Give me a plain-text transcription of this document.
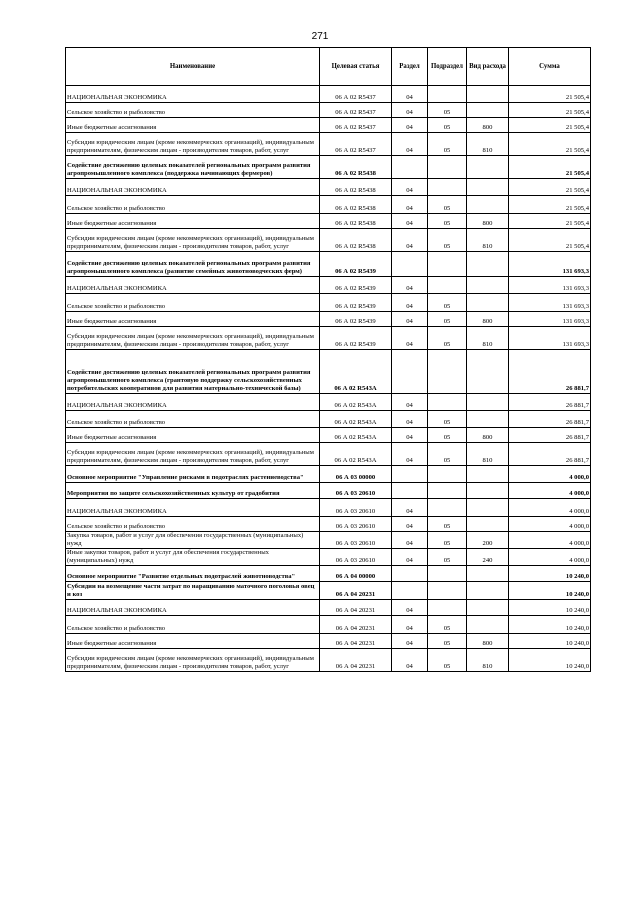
271
Наименование	Целевая статья	Раздел	Подраздел	Вид расхода	Сумма
НАЦИОНАЛЬНАЯ ЭКОНОМИКА	06 А 02 R5437	04			21 505,4
Сельское хозяйство и рыболовство	06 А 02 R5437	04	05		21 505,4
Иные бюджетные ассигнования	06 А 02 R5437	04	05	800	21 505,4
Субсидии юридическим лицам (кроме некоммерческих организаций), индивидуальным предпринимателям, физическим лицам - производителям товаров, работ, услуг	06 А 02 R5437	04	05	810	21 505,4
Содействие достижению целевых показателей региональных программ развития агропромышленного комплекса (поддержка начинающих фермеров)	06 А 02 R5438				21 505,4
НАЦИОНАЛЬНАЯ ЭКОНОМИКА	06 А 02 R5438	04			21 505,4
Сельское хозяйство и рыболовство	06 А 02 R5438	04	05		21 505,4
Иные бюджетные ассигнования	06 А 02 R5438	04	05	800	21 505,4
Субсидии юридическим лицам (кроме некоммерческих организаций), индивидуальным предпринимателям, физическим лицам - производителям товаров, работ, услуг	06 А 02 R5438	04	05	810	21 505,4
Содействие достижению целевых показателей региональных программ развития агропромышленного комплекса (развитие семейных животноводческих ферм)	06 А 02 R5439				131 693,3
НАЦИОНАЛЬНАЯ ЭКОНОМИКА	06 А 02 R5439	04			131 693,3
Сельское хозяйство и рыболовство	06 А 02 R5439	04	05		131 693,3
Иные бюджетные ассигнования	06 А 02 R5439	04	05	800	131 693,3
Субсидии юридическим лицам (кроме некоммерческих организаций), индивидуальным предпринимателям, физическим лицам - производителям товаров, работ, услуг	06 А 02 R5439	04	05	810	131 693,3
Содействие достижению целевых показателей региональных программ развития агропромышленного комплекса (грантовую поддержку сельскохозяйственных потребительских кооперативов для развития материально-технической базы)	06 А 02 R543А				26 881,7
НАЦИОНАЛЬНАЯ ЭКОНОМИКА	06 А 02 R543А	04			26 881,7
Сельское хозяйство и рыболовство	06 А 02 R543А	04	05		26 881,7
Иные бюджетные ассигнования	06 А 02 R543А	04	05	800	26 881,7
Субсидии юридическим лицам (кроме некоммерческих организаций), индивидуальным предпринимателям, физическим лицам - производителям товаров, работ, услуг	06 А 02 R543А	04	05	810	26 881,7
Основное мероприятие "Управление рисками в подотраслях растениеводства"	06 А 03 00000				4 000,0
Мероприятия по защите сельскохозяйственных культур от градобития	06 А 03 20610				4 000,0
НАЦИОНАЛЬНАЯ ЭКОНОМИКА	06 А 03 20610	04			4 000,0
Сельское хозяйство и рыболовство	06 А 03 20610	04	05		4 000,0
Закупка товаров, работ и услуг для обеспечения государственных (муниципальных) нужд	06 А 03 20610	04	05	200	4 000,0
Иные закупки товаров, работ и услуг для обеспечения государственных (муниципальных) нужд	06 А 03 20610	04	05	240	4 000,0
Основное мероприятие "Развитие отдельных подотраслей животноводства"	06 А 04 00000				10 240,0
Субсидии на возмещение части затрат по наращиванию маточного поголовья овец и коз	06 А 04 20231				10 240,0
НАЦИОНАЛЬНАЯ ЭКОНОМИКА	06 А 04 20231	04			10 240,0
Сельское хозяйство и рыболовство	06 А 04 20231	04	05		10 240,0
Иные бюджетные ассигнования	06 А 04 20231	04	05	800	10 240,0
Субсидии юридическим лицам (кроме некоммерческих организаций), индивидуальным предпринимателям, физическим лицам - производителям товаров, работ, услуг	06 А 04 20231	04	05	810	10 240,0
